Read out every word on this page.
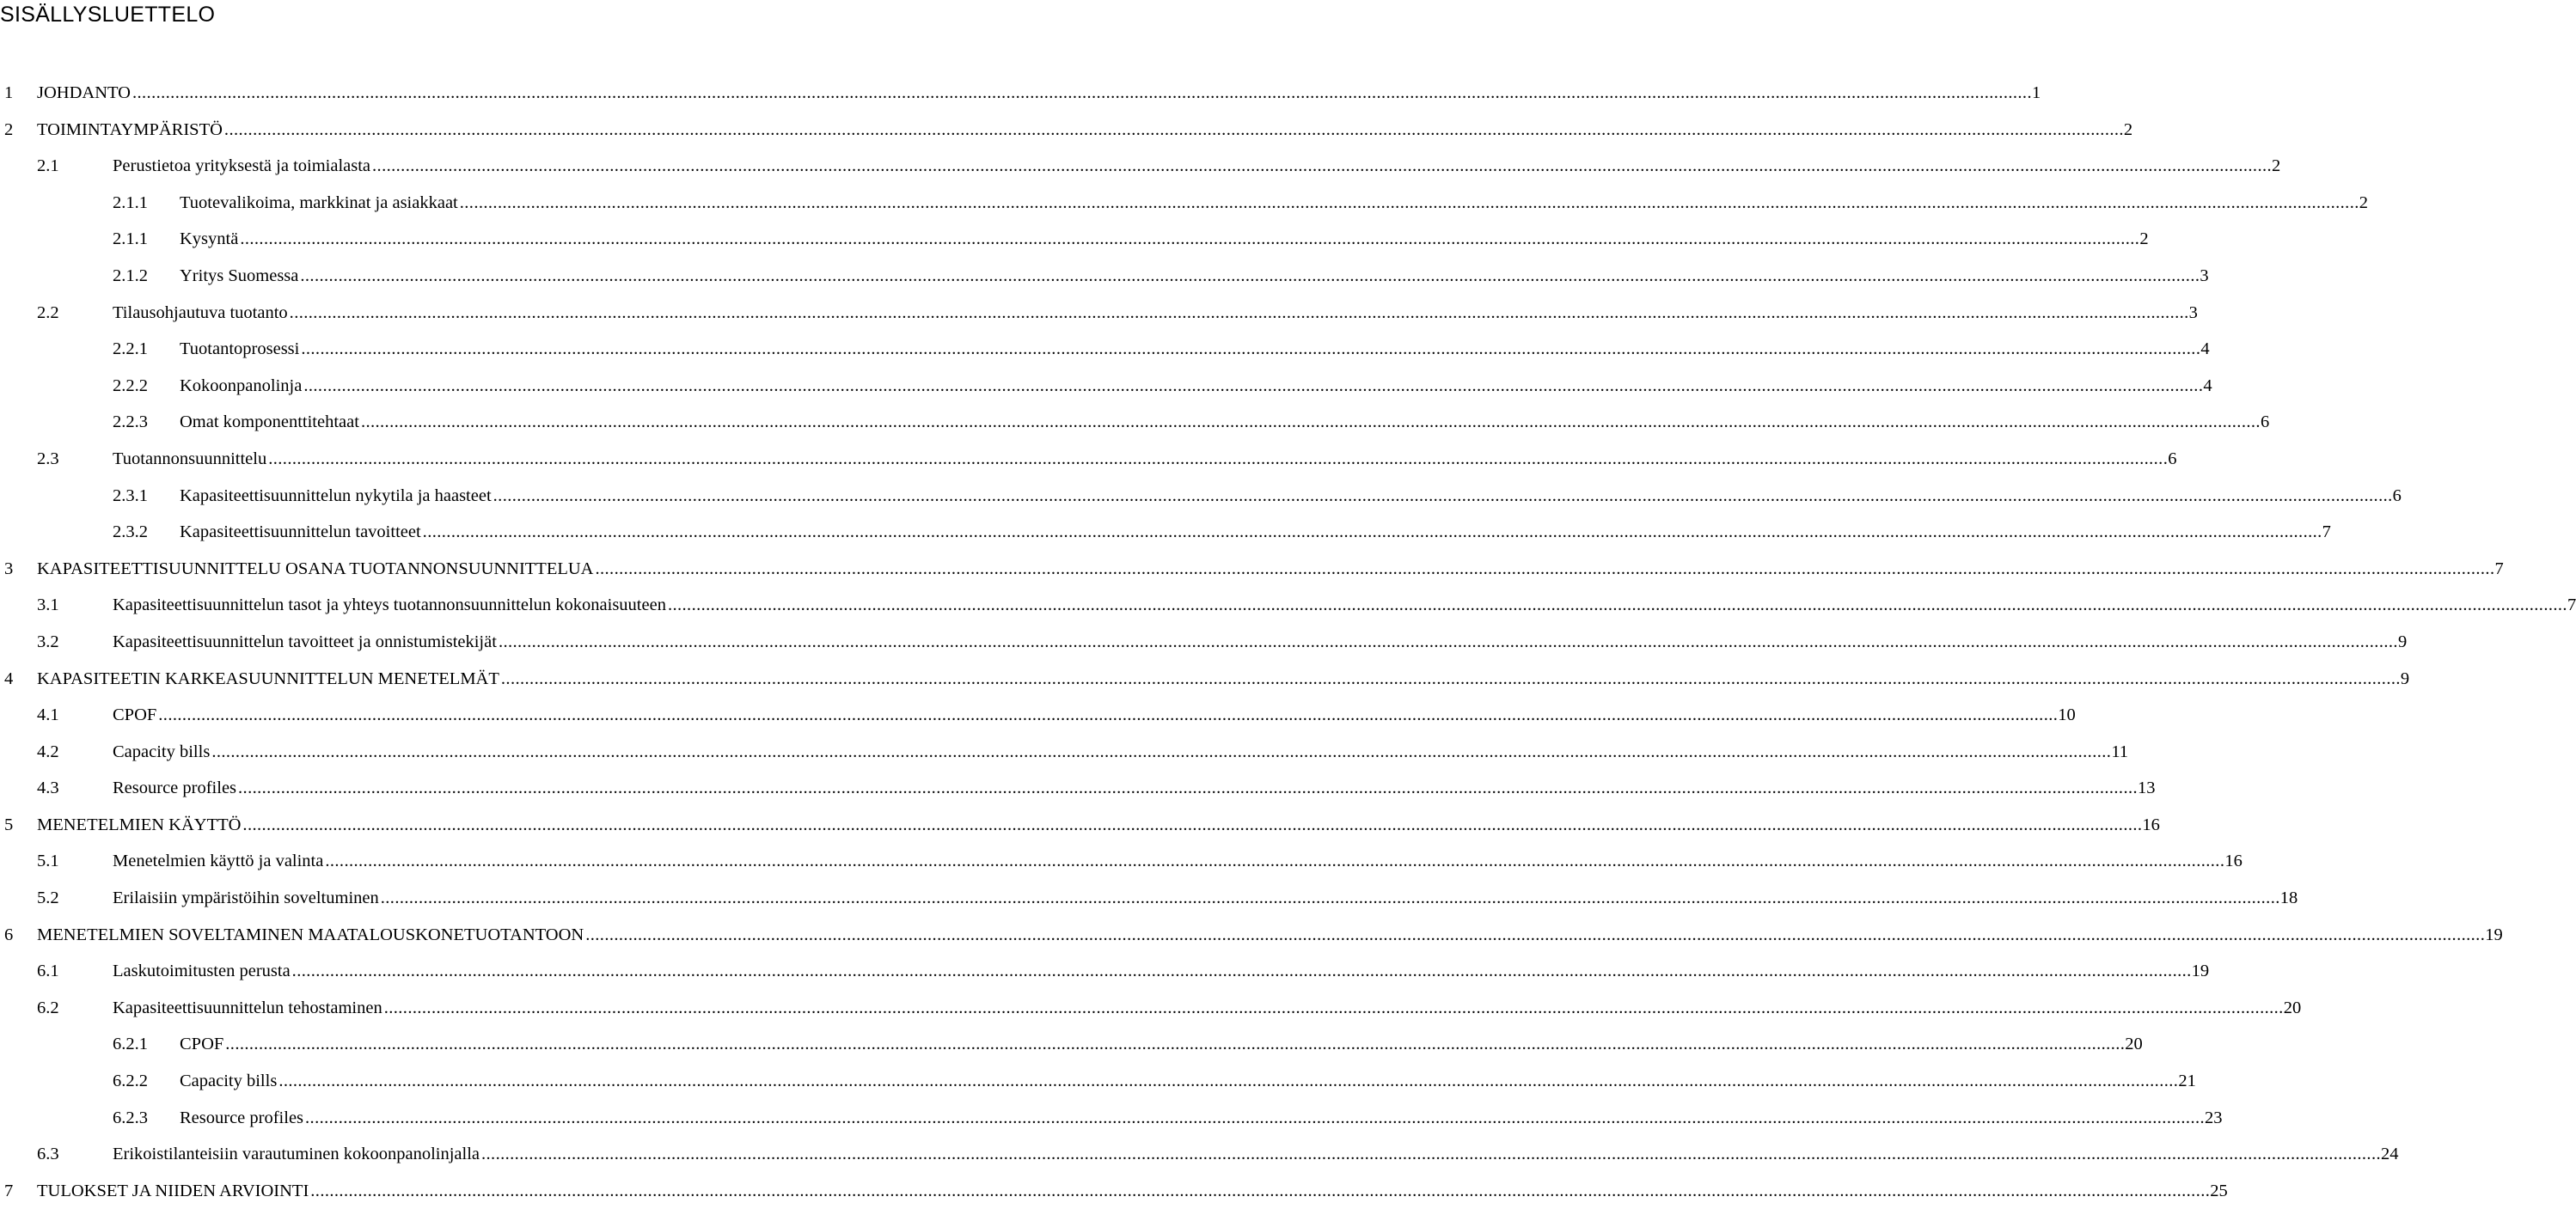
SISÄLLYSLUETTELO
1 JOHDANTO ................................................................................................................................................................................................................................................................................................................................................................................................................ 1
2 TOIMINTAYMPÄRISTÖ ................................................................................................................................................................................................................................................................................................................................................................................................................ 2
2.1	Perustietoa yrityksestä ja toimialasta ................................................................................................................................................................................................................................................................................................................................................................................................................ 2
2.1.1 Tuotevalikoima, markkinat ja asiakkaat ................................................................................................................................................................................................................................................................................................................................................................................................................ 2
2.1.1 Kysyntä ................................................................................................................................................................................................................................................................................................................................................................................................................ 2
2.1.2 Yritys Suomessa ................................................................................................................................................................................................................................................................................................................................................................................................................ 3
2.2	Tilausohjautuva tuotanto ................................................................................................................................................................................................................................................................................................................................................................................................................ 3
2.2.1 Tuotantoprosessi ................................................................................................................................................................................................................................................................................................................................................................................................................ 4
2.2.2 Kokoonpanolinja ................................................................................................................................................................................................................................................................................................................................................................................................................ 4
2.2.3 Omat komponenttitehtaat ................................................................................................................................................................................................................................................................................................................................................................................................................ 6
2.3	Tuotannonsuunnittelu ................................................................................................................................................................................................................................................................................................................................................................................................................ 6
2.3.1 Kapasiteettisuunnittelun nykytila ja haasteet ................................................................................................................................................................................................................................................................................................................................................................................................................ 6
2.3.2 Kapasiteettisuunnittelun tavoitteet ................................................................................................................................................................................................................................................................................................................................................................................................................ 7
3 KAPASITEETTISUUNNITTELU OSANA TUOTANNONSUUNNITTELUA ................................................................................................................................................................................................................................................................................................................................................................................................................ 7
3.1	Kapasiteettisuunnittelun tasot ja yhteys tuotannonsuunnittelun kokonaisuuteen ................................................................................................................................................................................................................................................................................................................................................................................................................ 7
3.2	Kapasiteettisuunnittelun tavoitteet ja onnistumistekijät ................................................................................................................................................................................................................................................................................................................................................................................................................ 9
4 KAPASITEETIN KARKEASUUNNITTELUN MENETELMÄT ................................................................................................................................................................................................................................................................................................................................................................................................................ 9
4.1	CPOF ................................................................................................................................................................................................................................................................................................................................................................................................................ 10
4.2	Capacity bills ................................................................................................................................................................................................................................................................................................................................................................................................................ 11
4.3	Resource profiles ................................................................................................................................................................................................................................................................................................................................................................................................................ 13
5 MENETELMIEN KÄYTTÖ ................................................................................................................................................................................................................................................................................................................................................................................................................ 16
5.1	Menetelmien käyttö ja valinta ................................................................................................................................................................................................................................................................................................................................................................................................................ 16
5.2	Erilaisiin ympäristöihin soveltuminen ................................................................................................................................................................................................................................................................................................................................................................................................................ 18
6 MENETELMIEN SOVELTAMINEN MAATALOUSKONETUOTANTOON ................................................................................................................................................................................................................................................................................................................................................................................................................ 19
6.1	Laskutoimitusten perusta ................................................................................................................................................................................................................................................................................................................................................................................................................ 19
6.2	Kapasiteettisuunnittelun tehostaminen ................................................................................................................................................................................................................................................................................................................................................................................................................ 20
6.2.1 CPOF ................................................................................................................................................................................................................................................................................................................................................................................................................ 20
6.2.2 Capacity bills ................................................................................................................................................................................................................................................................................................................................................................................................................ 21
6.2.3 Resource profiles ................................................................................................................................................................................................................................................................................................................................................................................................................ 23
6.3	Erikoistilanteisiin varautuminen kokoonpanolinjalla ................................................................................................................................................................................................................................................................................................................................................................................................................ 24
7 TULOKSET JA NIIDEN ARVIOINTI ................................................................................................................................................................................................................................................................................................................................................................................................................ 25
